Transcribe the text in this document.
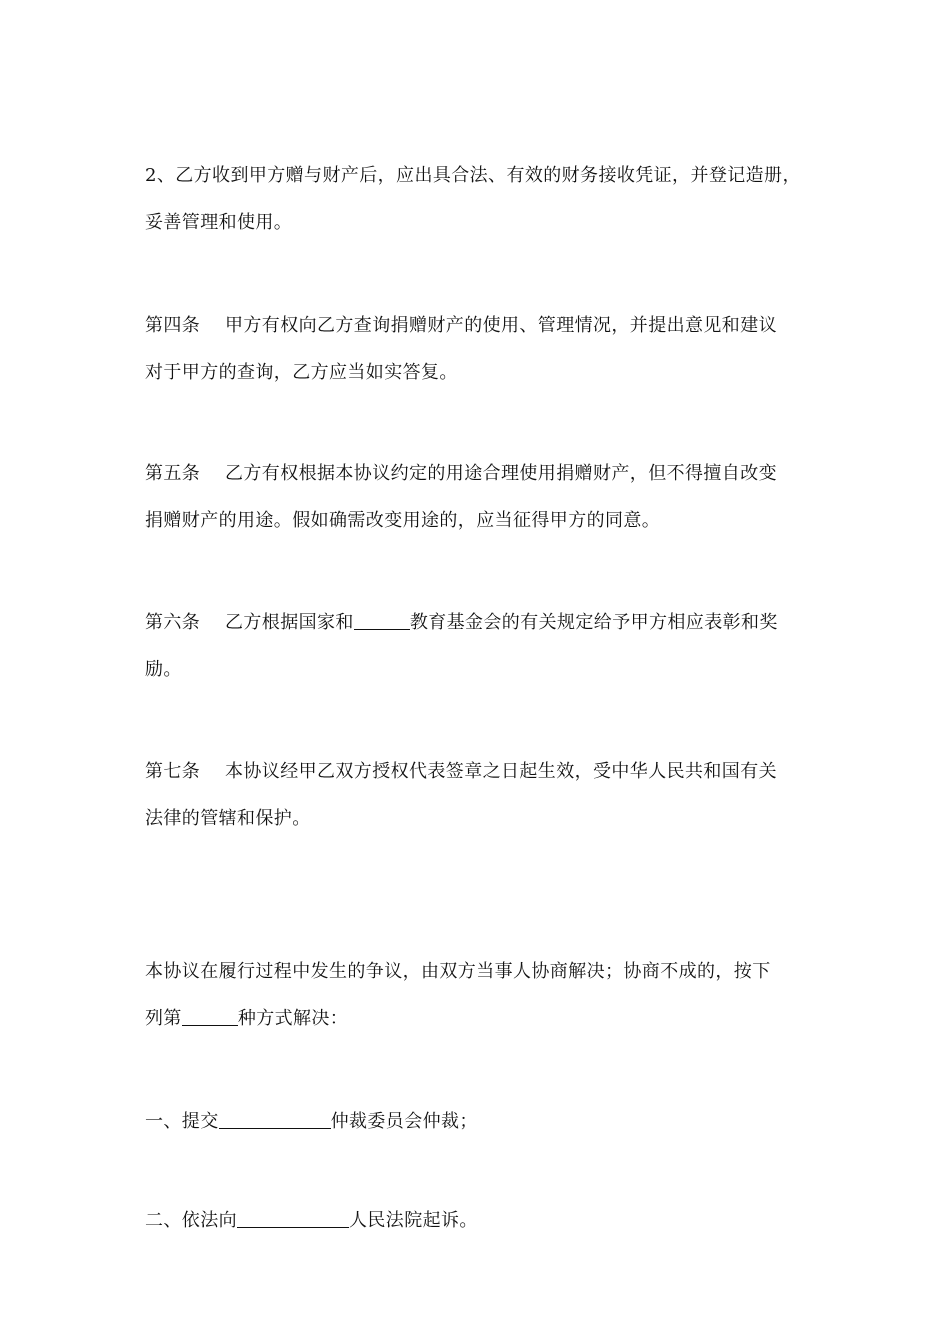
2、乙方收到甲方赠与财产后，应出具合法、有效的财务接收凭证，并登记造册，
妥善管理和使用。
第四条 甲方有权向乙方查询捐赠财产的使用、管理情况，并提出意见和建议
对于甲方的查询，乙方应当如实答复。
第五条 乙方有权根据本协议约定的用途合理使用捐赠财产，但不得擅自改变
捐赠财产的用途。假如确需改变用途的，应当征得甲方的同意。
第六条 乙方根据国家和	教育基金会的有关规定给予甲方相应表彰和奖
励。
第七条 本协议经甲乙双方授权代表签章之日起生效，受中华人民共和国有关
法律的管辖和保护。
本协议在履行过程中发生的争议，由双方当事人协商解决；协商不成的，按下
列第	种方式解决：
一、提交	仲裁委员会仲裁；
二、依法向	人民法院起诉。
